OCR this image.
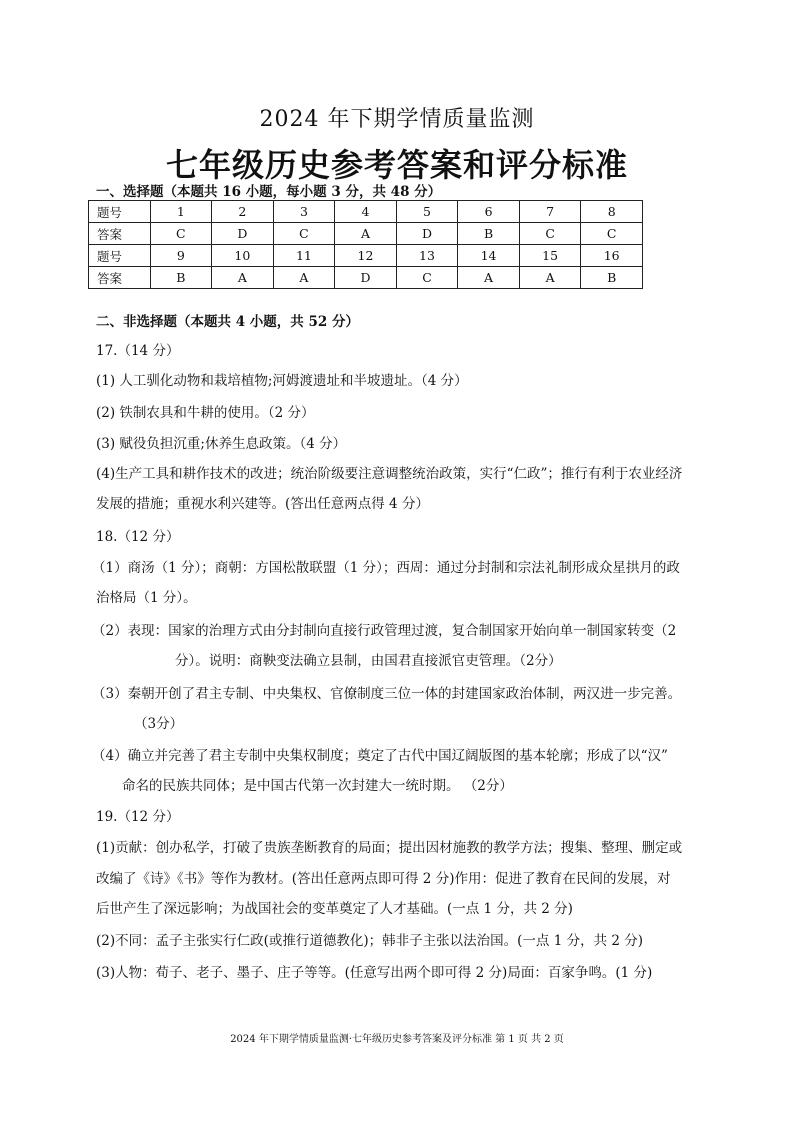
2024 年下期学情质量监测
七年级历史参考答案和评分标准
一、选择题（本题共 16 小题，每小题 3 分，共 48 分）
题号	1	2	3	4	5	6	7	8
答案	C	D	C	A	D	B	C	C
题号	9	10	11	12	13	14	15	16
答案	B	A	A	D	C	A	A	B
二、非选择题（本题共 4 小题，共 52 分）
17.（14 分）
(1) 人工驯化动物和栽培植物;河姆渡遗址和半坡遗址。（4 分）
(2) 铁制农具和牛耕的使用。（2 分）
(3) 赋役负担沉重;休养生息政策。（4 分）
(4)生产工具和耕作技术的改进；统治阶级要注意调整统治政策，实行“仁政”；推行有利于农业经济
发展的措施；重视水利兴建等。(答出任意两点得 4 分）
18.（12 分）
（1）商汤（1 分）；商朝：方国松散联盟（1 分）；西周：通过分封制和宗法礼制形成众星拱月的政
治格局（1 分）。
（2）表现：国家的治理方式由分封制向直接行政管理过渡，复合制国家开始向单一制国家转变（2
分）。说明：商鞅变法确立县制，由国君直接派官吏管理。（2分）
（3）秦朝开创了君主专制、中央集权、官僚制度三位一体的封建国家政治体制，两汉进一步完善。
（3分）
（4）确立并完善了君主专制中央集权制度；奠定了古代中国辽阔版图的基本轮廓；形成了以“汉”
命名的民族共同体；是中国古代第一次封建大一统时期。 （2分）
19.（12 分）
(1)贡献：创办私学，打破了贵族垄断教育的局面；提出因材施教的教学方法；搜集、整理、删定或
改编了《诗》《书》等作为教材。(答出任意两点即可得 2 分)作用：促进了教育在民间的发展，对
后世产生了深远影响；为战国社会的变革奠定了人才基础。(一点 1 分，共 2 分)
(2)不同：孟子主张实行仁政(或推行道德教化)；韩非子主张以法治国。(一点 1 分，共 2 分)
(3)人物：荀子、老子、墨子、庄子等等。(任意写出两个即可得 2 分)局面：百家争鸣。(1 分)
2024 年下期学情质量监测·七年级历史参考答案及评分标准 第 1 页 共 2 页
